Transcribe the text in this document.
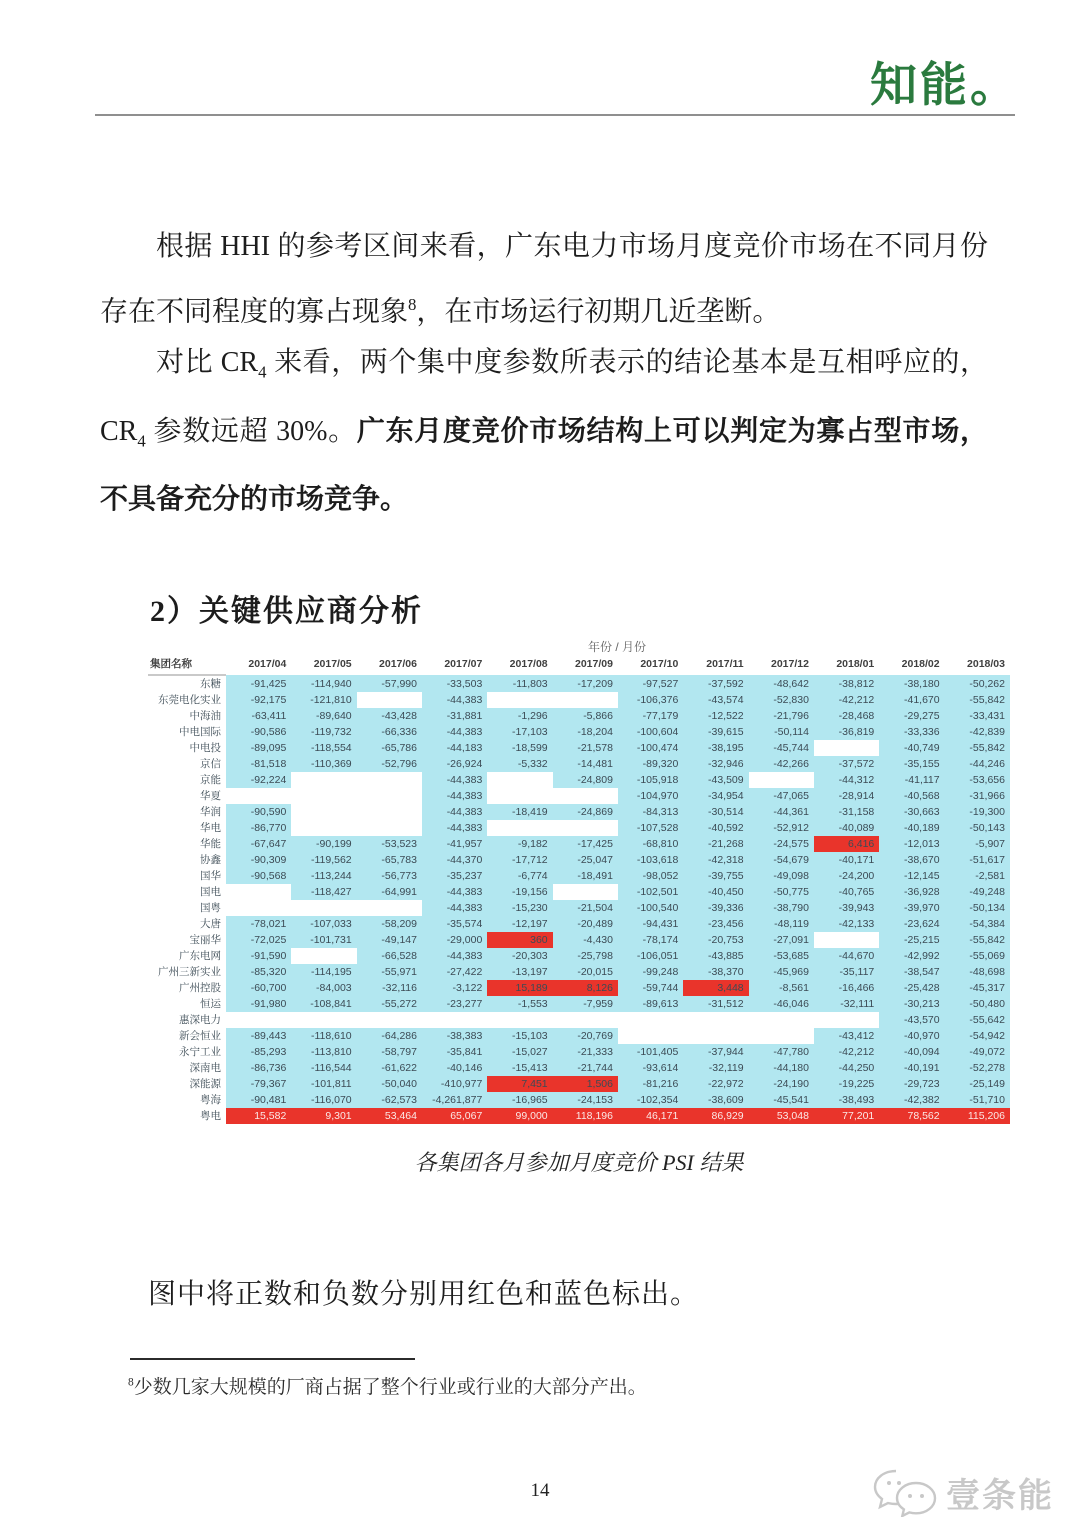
知能。

根据 HHI 的参考区间来看，广东电力市场月度竞价市场在不同月份存在不同程度的寡占现象$^8$，在市场运行初期几近垄断。

对比 $CR_4$ 来看，两个集中度参数所表示的结论基本是互相呼应的，$CR_4$ 参数远超 30%。广东月度竞价市场结构上可以判定为寡占型市场，不具备充分的市场竞争。

2）关键供应商分析
年份 / 月份
集团名称	2017/04	2017/05	2017/06	2017/07	2017/08	2017/09	2017/10	2017/11	2017/12	2018/01	2018/02	2018/03
东糖	-91,425	-114,940	-57,990	-33,503	-11,803	-17,209	-97,527	-37,592	-48,642	-38,812	-38,180	-50,262
东莞电化实业	-92,175	-121,810		-44,383			-106,376	-43,574	-52,830	-42,212	-41,670	-55,842
中海油	-63,411	-89,640	-43,428	-31,881	-1,296	-5,866	-77,179	-12,522	-21,796	-28,468	-29,275	-33,431
中电国际	-90,586	-119,732	-66,336	-44,383	-17,103	-18,204	-100,604	-39,615	-50,114	-36,819	-33,336	-42,839
中电投	-89,095	-118,554	-65,786	-44,183	-18,599	-21,578	-100,474	-38,195	-45,744		-40,749	-55,842
京信	-81,518	-110,369	-52,796	-26,924	-5,332	-14,481	-89,320	-32,946	-42,266	-37,572	-35,155	-44,246
京能	-92,224			-44,383		-24,809	-105,918	-43,509		-44,312	-41,117	-53,656
华夏				-44,383			-104,970	-34,954	-47,065	-28,914	-40,568	-31,966
华润	-90,590			-44,383	-18,419	-24,869	-84,313	-30,514	-44,361	-31,158	-30,663	-19,300
华电	-86,770			-44,383			-107,528	-40,592	-52,912	-40,089	-40,189	-50,143
华能	-67,647	-90,199	-53,523	-41,957	-9,182	-17,425	-68,810	-21,268	-24,575	6,416	-12,013	-5,907
协鑫	-90,309	-119,562	-65,783	-44,370	-17,712	-25,047	-103,618	-42,318	-54,679	-40,171	-38,670	-51,617
国华	-90,568	-113,244	-56,773	-35,237	-6,774	-18,491	-98,052	-39,755	-49,098	-24,200	-12,145	-2,581
国电		-118,427	-64,991	-44,383	-19,156		-102,501	-40,450	-50,775	-40,765	-36,928	-49,248
国粤				-44,383	-15,230	-21,504	-100,540	-39,336	-38,790	-39,943	-39,970	-50,134
大唐	-78,021	-107,033	-58,209	-35,574	-12,197	-20,489	-94,431	-23,456	-48,119	-42,133	-23,624	-54,384
宝丽华	-72,025	-101,731	-49,147	-29,000	360	-4,430	-78,174	-20,753	-27,091		-25,215	-55,842
广东电网	-91,590		-66,528	-44,383	-20,303	-25,798	-106,051	-43,885	-53,685	-44,670	-42,992	-55,069
广州三新实业	-85,320	-114,195	-55,971	-27,422	-13,197	-20,015	-99,248	-38,370	-45,969	-35,117	-38,547	-48,698
广州控股	-60,700	-84,003	-32,116	-3,122	15,189	8,126	-59,744	3,448	-8,561	-16,466	-25,428	-45,317
恒运	-91,980	-108,841	-55,272	-23,277	-1,553	-7,959	-89,613	-31,512	-46,046	-32,111	-30,213	-50,480
惠深电力											-43,570	-55,642
新会恒业	-89,443	-118,610	-64,286	-38,383	-15,103	-20,769				-43,412	-40,970	-54,942
永宁工业	-85,293	-113,810	-58,797	-35,841	-15,027	-21,333	-101,405	-37,944	-47,780	-42,212	-40,094	-49,072
深南电	-86,736	-116,544	-61,622	-40,146	-15,413	-21,744	-93,614	-32,119	-44,180	-44,250	-40,191	-52,278
深能源	-79,367	-101,811	-50,040	-410,977	7,451	1,506	-81,216	-22,972	-24,190	-19,225	-29,723	-25,149
粤海	-90,481	-116,070	-62,573	-4,261,877	-16,965	-24,153	-102,354	-38,609	-45,541	-38,493	-42,382	-51,710
粤电	15,582	9,301	53,464	65,067	99,000	118,196	46,171	86,929	53,048	77,201	78,562	115,206
各集团各月参加月度竞价 PSI 结果

图中将正数和负数分别用红色和蓝色标出。

$^8$少数几家大规模的厂商占据了整个行业或行业的大部分产出。
14	壹条能
